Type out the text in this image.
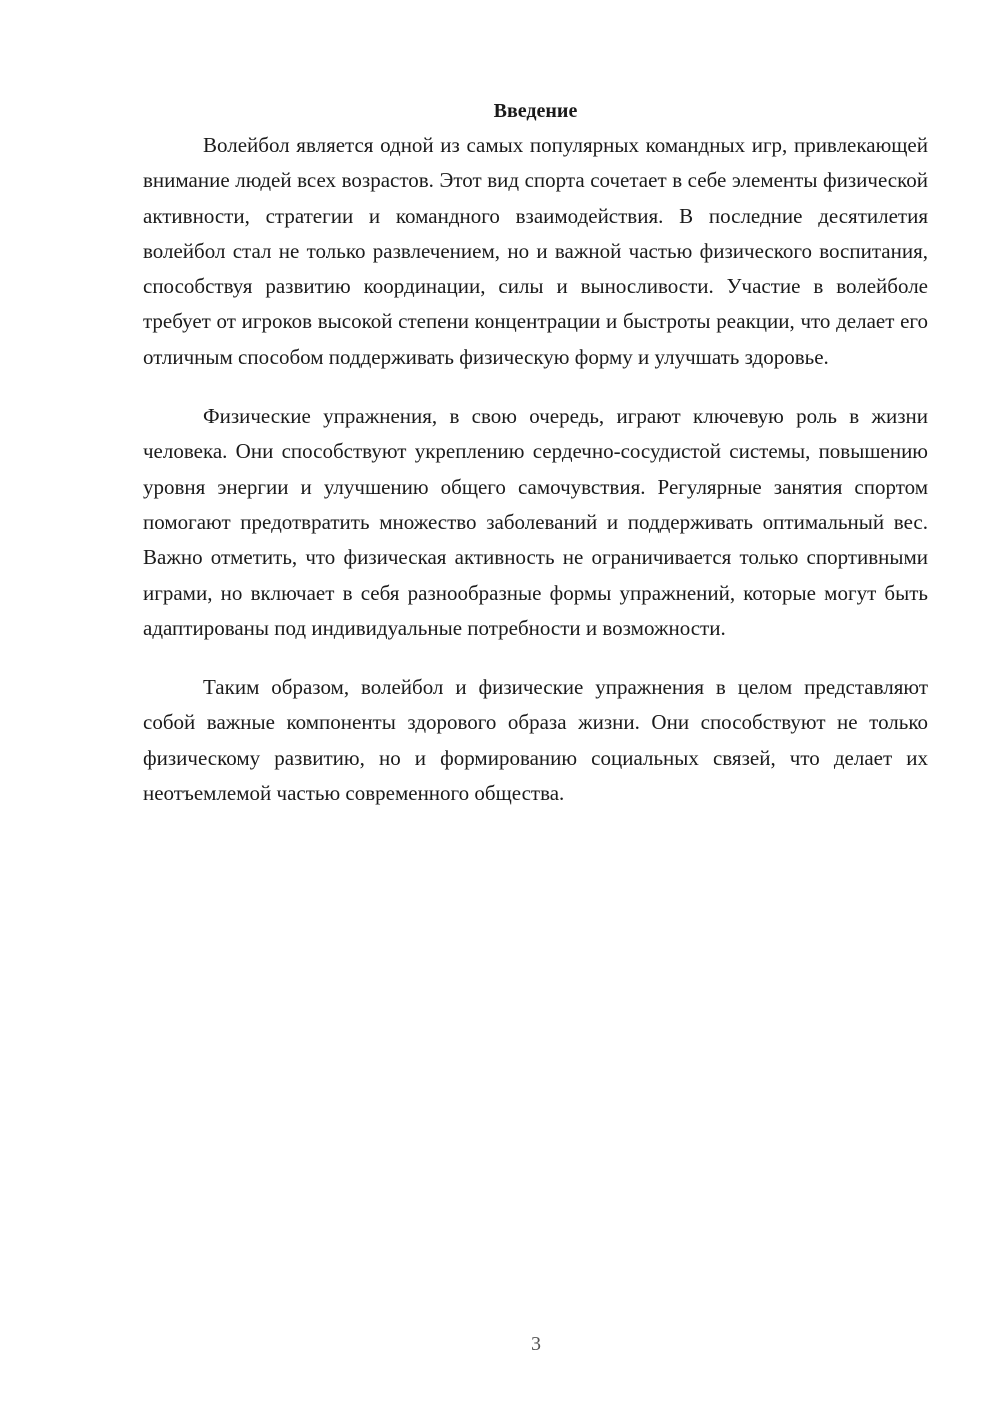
Введение

Волейбол является одной из самых популярных командных игр, привлекающей внимание людей всех возрастов. Этот вид спорта сочетает в себе элементы физической активности, стратегии и командного взаимодействия. В последние десятилетия волейбол стал не только развлечением, но и важной частью физического воспитания, способствуя развитию координации, силы и выносливости. Участие в волейболе требует от игроков высокой степени концентрации и быстроты реакции, что делает его отличным способом поддерживать физическую форму и улучшать здоровье.

Физические упражнения, в свою очередь, играют ключевую роль в жизни человека. Они способствуют укреплению сердечно-сосудистой системы, повышению уровня энергии и улучшению общего самочувствия. Регулярные занятия спортом помогают предотвратить множество заболеваний и поддерживать оптимальный вес. Важно отметить, что физическая активность не ограничивается только спортивными играми, но включает в себя разнообразные формы упражнений, которые могут быть адаптированы под индивидуальные потребности и возможности.

Таким образом, волейбол и физические упражнения в целом представляют собой важные компоненты здорового образа жизни. Они способствуют не только физическому развитию, но и формированию социальных связей, что делает их неотъемлемой частью современного общества.

3
